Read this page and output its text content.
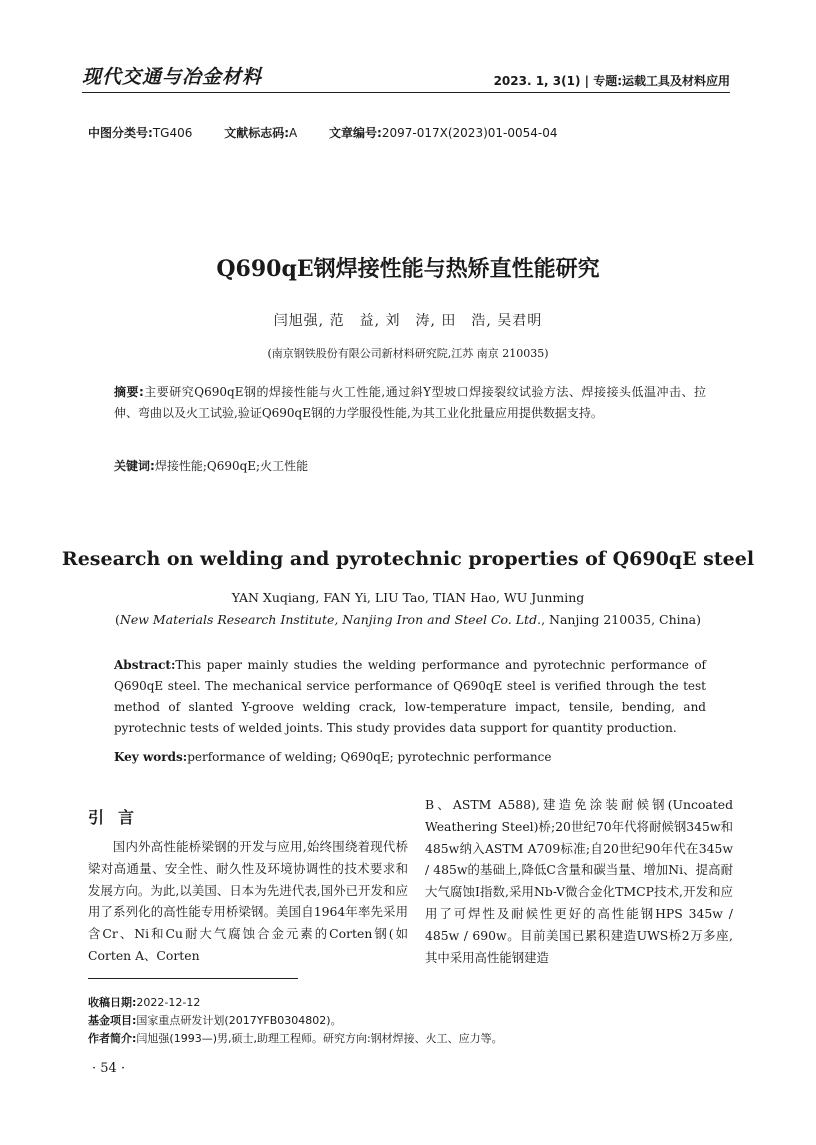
现代交通与冶金材料	2023. 1, 3(1) | 专题:运载工具及材料应用
中图分类号:TG406	文献标志码:A	文章编号:2097-017X(2023)01-0054-04
Q690qE钢焊接性能与热矫直性能研究
闫旭强, 范　益, 刘　涛, 田　浩, 吴君明
(南京钢铁股份有限公司新材料研究院,江苏 南京 210035)
摘要:主要研究Q690qE钢的焊接性能与火工性能,通过斜Y型坡口焊接裂纹试验方法、焊接接头低温冲击、拉伸、弯曲以及火工试验,验证Q690qE钢的力学服役性能,为其工业化批量应用提供数据支持。
关键词:焊接性能;Q690qE;火工性能
Research on welding and pyrotechnic properties of Q690qE steel
YAN Xuqiang, FAN Yi, LIU Tao, TIAN Hao, WU Junming
(New Materials Research Institute, Nanjing Iron and Steel Co. Ltd., Nanjing 210035, China)
Abstract:This paper mainly studies the welding performance and pyrotechnic performance of Q690qE steel. The mechanical service performance of Q690qE steel is verified through the test method of slanted Y-groove welding crack, low-temperature impact, tensile, bending, and pyrotechnic tests of welded joints. This study provides data support for quantity production.
Key words:performance of welding; Q690qE; pyrotechnic performance
引言
国内外高性能桥梁钢的开发与应用,始终围绕着现代桥梁对高通量、安全性、耐久性及环境协调性的技术要求和发展方向。为此,以美国、日本为先进代表,国外已开发和应用了系列化的高性能专用桥梁钢。美国自1964年率先采用含Cr、Ni和Cu耐大气腐蚀合金元素的Corten钢(如Corten A、Corten
B、ASTM A588),建造免涂装耐候钢(Uncoated Weathering Steel)桥;20世纪70年代将耐候钢345w和485w纳入ASTM A709标准;自20世纪90年代在345w / 485w的基础上,降低C含量和碳当量、增加Ni、提高耐大气腐蚀I指数,采用Nb-V微合金化TMCP技术,开发和应用了可焊性及耐候性更好的高性能钢HPS 345w / 485w / 690w。目前美国已累积建造UWS桥2万多座,其中采用高性能钢建造
收稿日期:2022-12-12
基金项目:国家重点研发计划(2017YFB0304802)。
作者简介:闫旭强(1993—)男,硕士,助理工程师。研究方向:钢材焊接、火工、应力等。
· 54 ·
